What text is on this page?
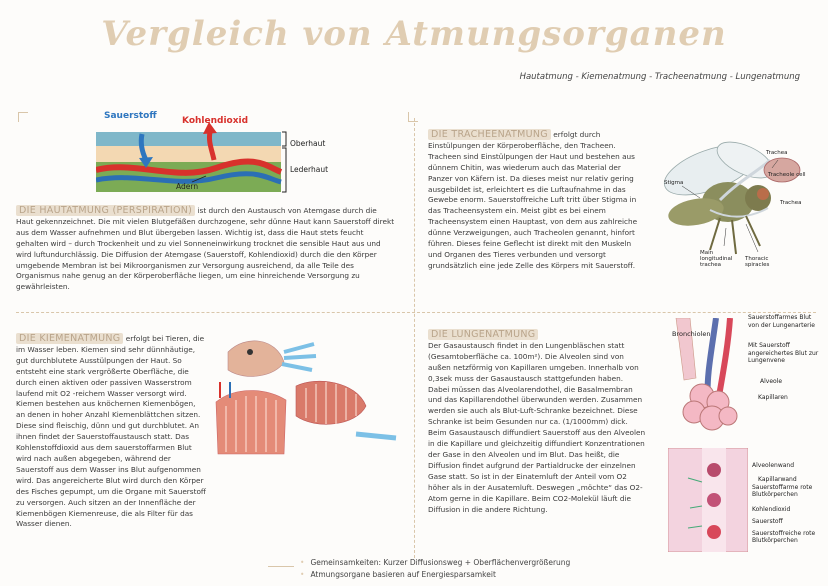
Vergleich von Atmungsorganen
Hautatmung - Kiemenatmung - Tracheenatmung - Lungenatmung
Sauerstoff	Kohlendioxid
Oberhaut
Lederhaut
Adern
DIE HAUTATMUNG (PERSPIRATION) ist durch den Austausch von Atemgase durch die Haut gekennzeichnet. Die mit vielen Blutgefäßen durchzogene, sehr dünne Haut kann Sauerstoff direkt aus dem Wasser aufnehmen und Blut übergeben lassen. Wichtig ist, dass die Haut stets feucht gehalten wird – durch Trockenheit und zu viel Sonneneinwirkung trocknet die sensible Haut aus und wird luftundurchlässig. Die Diffusion der Atemgase (Sauerstoff, Kohlendioxid) durch die den Körper umgebende Membran ist bei Mikroorganismen zur Versorgung ausreichend, da alle Teile des Organismus nahe genug an der Körperoberfläche liegen, um eine hinreichende Versorgung zu gewährleisten.
DIE TRACHEENATMUNG erfolgt durch Einstülpungen der Körperoberfläche, den Tracheen. Tracheen sind Einstülpungen der Haut und bestehen aus dünnem Chitin, was wiederum auch das Material der Panzer von Käfern ist. Da dieses meist nur relativ gering ausgebildet ist, erleichtert es die Luftaufnahme in das Gewebe enorm. Sauerstoffreiche Luft tritt über Stigma in das Tracheensystem ein. Meist gibt es bei einem Tracheensystem einen Hauptast, von dem aus zahlreiche dünne Verzweigungen, auch Tracheolen genannt, hinfort führen. Dieses feine Geflecht ist direkt mit den Muskeln und Organen des Tieres verbunden und versorgt grundsätzlich eine jede Zelle des Körpers mit Sauerstoff.
Stigma
Trachea
Tracheole cell
Trachea
Main longitudinal trachea
Thoracic spiracles
DIE KIEMENATMUNG erfolgt bei Tieren, die im Wasser leben. Kiemen sind sehr dünnhäutige, gut durchblutete Ausstülpungen der Haut. So entsteht eine stark vergrößerte Oberfläche, die durch einen aktiven oder passiven Wasserstrom laufend mit O2 -reichem Wasser versorgt wird. Kiemen bestehen aus knöchernen Kiemenbögen, an denen in hoher Anzahl Kiemenblättchen sitzen. Diese sind fleischig, dünn und gut durchblutet. An ihnen findet der Sauerstoffaustausch statt. Das Kohlenstoffdioxid aus dem sauerstoffarmen Blut wird nach außen abgegeben, während der Sauerstoff aus dem Wasser ins Blut aufgenommen wird. Das angereicherte Blut wird durch den Körper des Fisches gepumpt, um die Organe mit Sauerstoff zu versorgen. Auch sitzen an der Innenfläche der Kiemenbögen Kiemenreuse, die als Filter für das Wasser dienen.
DIE LUNGENATMUNG
Der Gasaustausch findet in den Lungenbläschen statt (Gesamtoberfläche ca. 100m²). Die Alveolen sind von außen netzförmig von Kapillaren umgeben. Innerhalb von 0,3sek muss der Gasaustausch stattgefunden haben. Dabei müssen das Alveolarendothel, die Basalmembran und das Kapillarendothel überwunden werden. Zusammen werden sie auch als Blut-Luft-Schranke bezeichnet. Diese Schranke ist beim Gesunden nur ca. (1/1000mm) dick. Beim Gasaustausch diffundiert Sauerstoff aus den Alveolen in die Kapillare und gleichzeitig diffundiert Konzentrationen der Gase in den Alveolen und im Blut. Das heißt, die Diffusion findet aufgrund der Partialdrucke der einzelnen Gase statt. So ist in der Einatemluft der Anteil vom O2 höher als in der Ausatemluft. Deswegen „möchte“ das O2-Atom gerne in die Kapillare. Beim CO2-Molekül läuft die Diffusion in die andere Richtung.
Bronchiolen
Sauerstoffarmes Blut von der Lungenarterie
Mit Sauerstoff angereichertes Blut zur Lungenvene
Alveole
Kapillaren
Alveolenwand
Kapillarwand
Sauerstoffarme rote Blutkörperchen
Kohlendioxid
Sauerstoff
Sauerstoffreiche rote Blutkörperchen
• Gemeinsamkeiten: Kurzer Diffusionsweg + Oberflächenvergrößerung
• Atmungsorgane basieren auf Energiesparsamkeit
